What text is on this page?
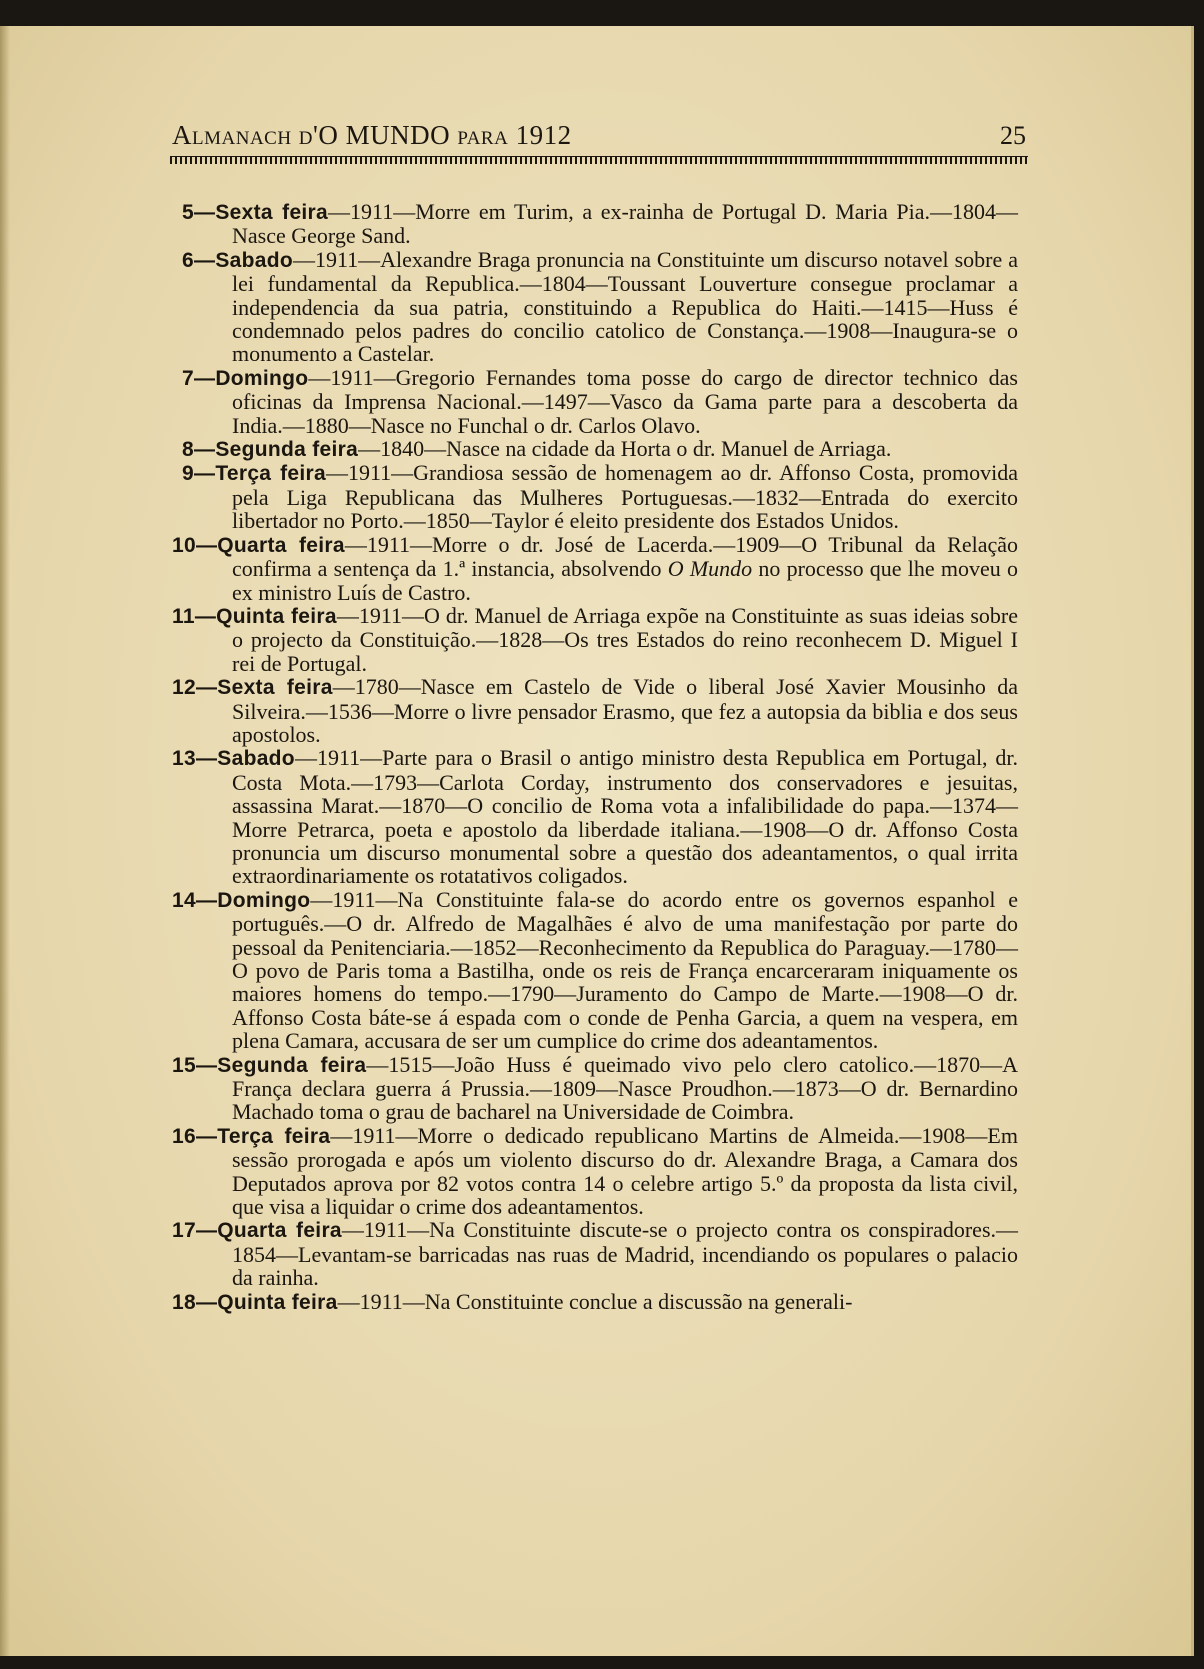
Almanach d'O MUNDO para 1912	25

5—Sexta feira—1911—Morre em Turim, a ex-rainha de Portugal D. Maria Pia.—1804—Nasce George Sand.

6—Sabado—1911—Alexandre Braga pronuncia na Constituinte um discurso notavel sobre a lei fundamental da Republica.—1804—Toussant Louverture consegue proclamar a independencia da sua patria, constituindo a Republica do Haiti.—1415—Huss é condemnado pelos padres do concilio catolico de Constança.—1908—Inaugura-se o monumento a Castelar.

7—Domingo—1911—Gregorio Fernandes toma posse do cargo de director technico das oficinas da Imprensa Nacional.—1497—Vasco da Gama parte para a descoberta da India.—1880—Nasce no Funchal o dr. Carlos Olavo.

8—Segunda feira—1840—Nasce na cidade da Horta o dr. Manuel de Arriaga.

9—Terça feira—1911—Grandiosa sessão de homenagem ao dr. Affonso Costa, promovida pela Liga Republicana das Mulheres Portuguesas.—1832—Entrada do exercito libertador no Porto.—1850—Taylor é eleito presidente dos Estados Unidos.

10—Quarta feira—1911—Morre o dr. José de Lacerda.—1909—O Tribunal da Relação confirma a sentença da 1.ª instancia, absolvendo O Mundo no processo que lhe moveu o ex ministro Luís de Castro.

11—Quinta feira—1911—O dr. Manuel de Arriaga expõe na Constituinte as suas ideias sobre o projecto da Constituição.—1828—Os tres Estados do reino reconhecem D. Miguel I rei de Portugal.

12—Sexta feira—1780—Nasce em Castelo de Vide o liberal José Xavier Mousinho da Silveira.—1536—Morre o livre pensador Erasmo, que fez a autopsia da biblia e dos seus apostolos.

13—Sabado—1911—Parte para o Brasil o antigo ministro desta Republica em Portugal, dr. Costa Mota.—1793—Carlota Corday, instrumento dos conservadores e jesuitas, assassina Marat.—1870—O concilio de Roma vota a infalibilidade do papa.—1374—Morre Petrarca, poeta e apostolo da liberdade italiana.—1908—O dr. Affonso Costa pronuncia um discurso monumental sobre a questão dos adeantamentos, o qual irrita extraordinariamente os rotatativos coligados.

14—Domingo—1911—Na Constituinte fala-se do acordo entre os governos espanhol e português.—O dr. Alfredo de Magalhães é alvo de uma manifestação por parte do pessoal da Penitenciaria.—1852—Reconhecimento da Republica do Paraguay.—1780—O povo de Paris toma a Bastilha, onde os reis de França encarceraram iniquamente os maiores homens do tempo.—1790—Juramento do Campo de Marte.—1908—O dr. Affonso Costa báte-se á espada com o conde de Penha Garcia, a quem na vespera, em plena Camara, accusara de ser um cumplice do crime dos adeantamentos.

15—Segunda feira—1515—João Huss é queimado vivo pelo clero catolico.—1870—A França declara guerra á Prussia.—1809—Nasce Proudhon.—1873—O dr. Bernardino Machado toma o grau de bacharel na Universidade de Coimbra.

16—Terça feira—1911—Morre o dedicado republicano Martins de Almeida.—1908—Em sessão prorogada e após um violento discurso do dr. Alexandre Braga, a Camara dos Deputados aprova por 82 votos contra 14 o celebre artigo 5.º da proposta da lista civil, que visa a liquidar o crime dos adeantamentos.

17—Quarta feira—1911—Na Constituinte discute-se o projecto contra os conspiradores.—1854—Levantam-se barricadas nas ruas de Madrid, incendiando os populares o palacio da rainha.

18—Quinta feira—1911—Na Constituinte conclue a discussão na generali-
